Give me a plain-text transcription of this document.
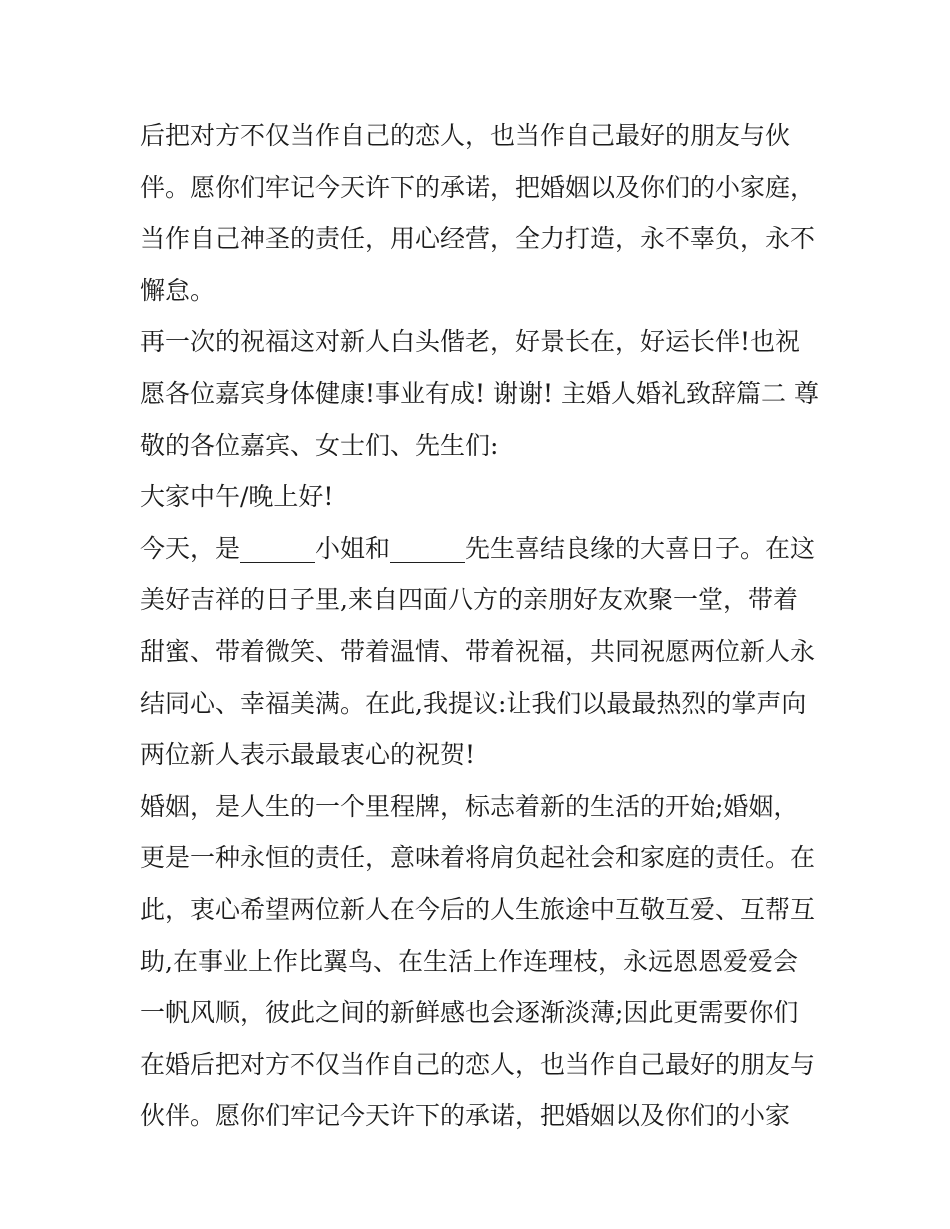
后把对方不仅当作自己的恋人，也当作自己最好的朋友与伙
伴。愿你们牢记今天许下的承诺，把婚姻以及你们的小家庭，
当作自己神圣的责任，用心经营，全力打造，永不辜负，永不
懈怠。
再一次的祝福这对新人白头偕老，好景长在，好运长伴!也祝
愿各位嘉宾身体健康!事业有成! 谢谢! 主婚人婚礼致辞篇二 尊
敬的各位嘉宾、女士们、先生们:
大家中午/晚上好!
今天，是______小姐和______先生喜结良缘的大喜日子。在这
美好吉祥的日子里,来自四面八方的亲朋好友欢聚一堂，带着
甜蜜、带着微笑、带着温情、带着祝福，共同祝愿两位新人永
结同心、幸福美满。在此,我提议:让我们以最最热烈的掌声向
两位新人表示最最衷心的祝贺!
婚姻，是人生的一个里程牌，标志着新的生活的开始;婚姻，
更是一种永恒的责任，意味着将肩负起社会和家庭的责任。在
此，衷心希望两位新人在今后的人生旅途中互敬互爱、互帮互
助,在事业上作比翼鸟、在生活上作连理枝，永远恩恩爱爱会
一帆风顺，彼此之间的新鲜感也会逐渐淡薄;因此更需要你们
在婚后把对方不仅当作自己的恋人，也当作自己最好的朋友与
伙伴。愿你们牢记今天许下的承诺，把婚姻以及你们的小家
